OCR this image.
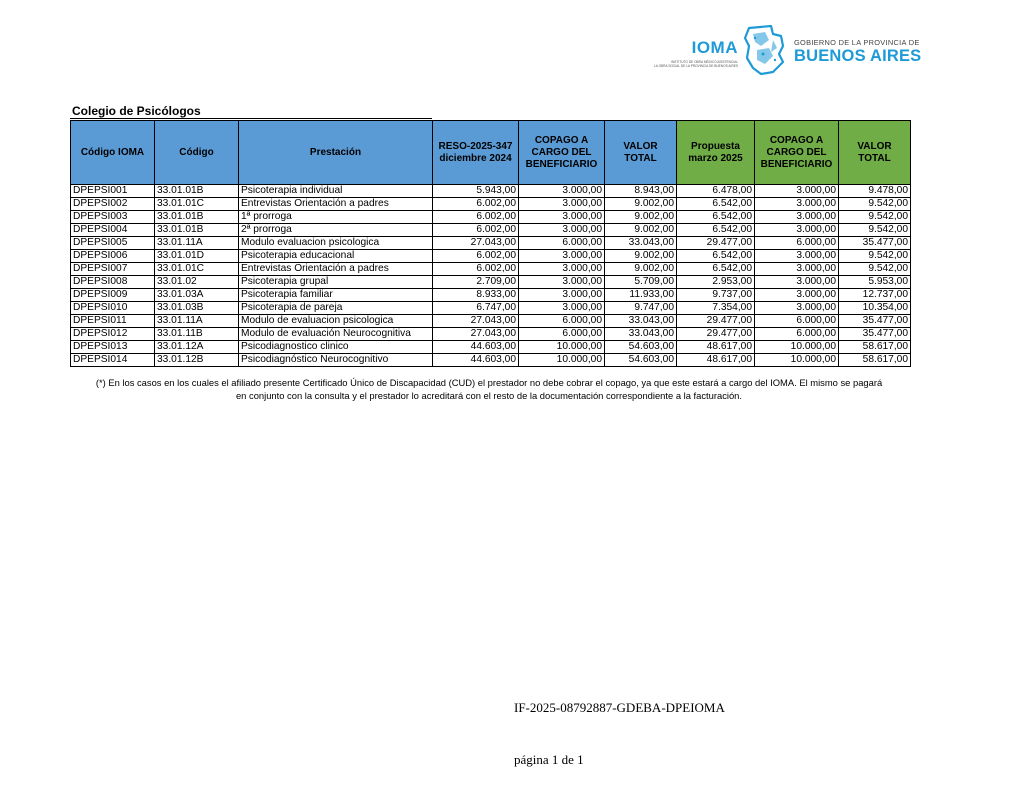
IOMA
INSTITUTO DE OBRA MÉDICO ASISTENCIAL
LA OBRA SOCIAL DE LA PROVINCIA DE BUENOS AIRES
GOBIERNO DE LA PROVINCIA DE
BUENOS AIRES
Colegio de Psicólogos
Código IOMA	Código	Prestación	RESO-2025-347 diciembre 2024	COPAGO A CARGO DEL BENEFICIARIO	VALOR TOTAL	Propuesta marzo 2025	COPAGO A CARGO DEL BENEFICIARIO	VALOR TOTAL
DPEPSI001	33.01.01B	Psicoterapia individual	5.943,00	3.000,00	8.943,00	6.478,00	3.000,00	9.478,00
DPEPSI002	33.01.01C	Entrevistas Orientación a padres	6.002,00	3.000,00	9.002,00	6.542,00	3.000,00	9.542,00
DPEPSI003	33.01.01B	1ª prorroga	6.002,00	3.000,00	9.002,00	6.542,00	3.000,00	9.542,00
DPEPSI004	33.01.01B	2ª prorroga	6.002,00	3.000,00	9.002,00	6.542,00	3.000,00	9.542,00
DPEPSI005	33.01.11A	Modulo evaluacion psicologica	27.043,00	6.000,00	33.043,00	29.477,00	6.000,00	35.477,00
DPEPSI006	33.01.01D	Psicoterapia educacional	6.002,00	3.000,00	9.002,00	6.542,00	3.000,00	9.542,00
DPEPSI007	33.01.01C	Entrevistas Orientación a padres	6.002,00	3.000,00	9.002,00	6.542,00	3.000,00	9.542,00
DPEPSI008	33.01.02	Psicoterapia grupal	2.709,00	3.000,00	5.709,00	2.953,00	3.000,00	5.953,00
DPEPSI009	33.01.03A	Psicoterapia familiar	8.933,00	3.000,00	11.933,00	9.737,00	3.000,00	12.737,00
DPEPSI010	33.01.03B	Psicoterapia de pareja	6.747,00	3.000,00	9.747,00	7.354,00	3.000,00	10.354,00
DPEPSI011	33.01.11A	Modulo de evaluacion psicologica	27.043,00	6.000,00	33.043,00	29.477,00	6.000,00	35.477,00
DPEPSI012	33.01.11B	Modulo de evaluación Neurocognitiva	27.043,00	6.000,00	33.043,00	29.477,00	6.000,00	35.477,00
DPEPSI013	33.01.12A	Psicodiagnostico clinico	44.603,00	10.000,00	54.603,00	48.617,00	10.000,00	58.617,00
DPEPSI014	33.01.12B	Psicodiagnóstico Neurocognitivo	44.603,00	10.000,00	54.603,00	48.617,00	10.000,00	58.617,00
(*) En los casos en los cuales el afiliado presente Certificado Único de Discapacidad (CUD) el prestador no debe cobrar el copago, ya que este estará a cargo del IOMA. El mismo se pagará
en conjunto con la consulta y el prestador lo acreditará con el resto de la documentación correspondiente a la facturación.
IF-2025-08792887-GDEBA-DPEIOMA
página 1 de 1
